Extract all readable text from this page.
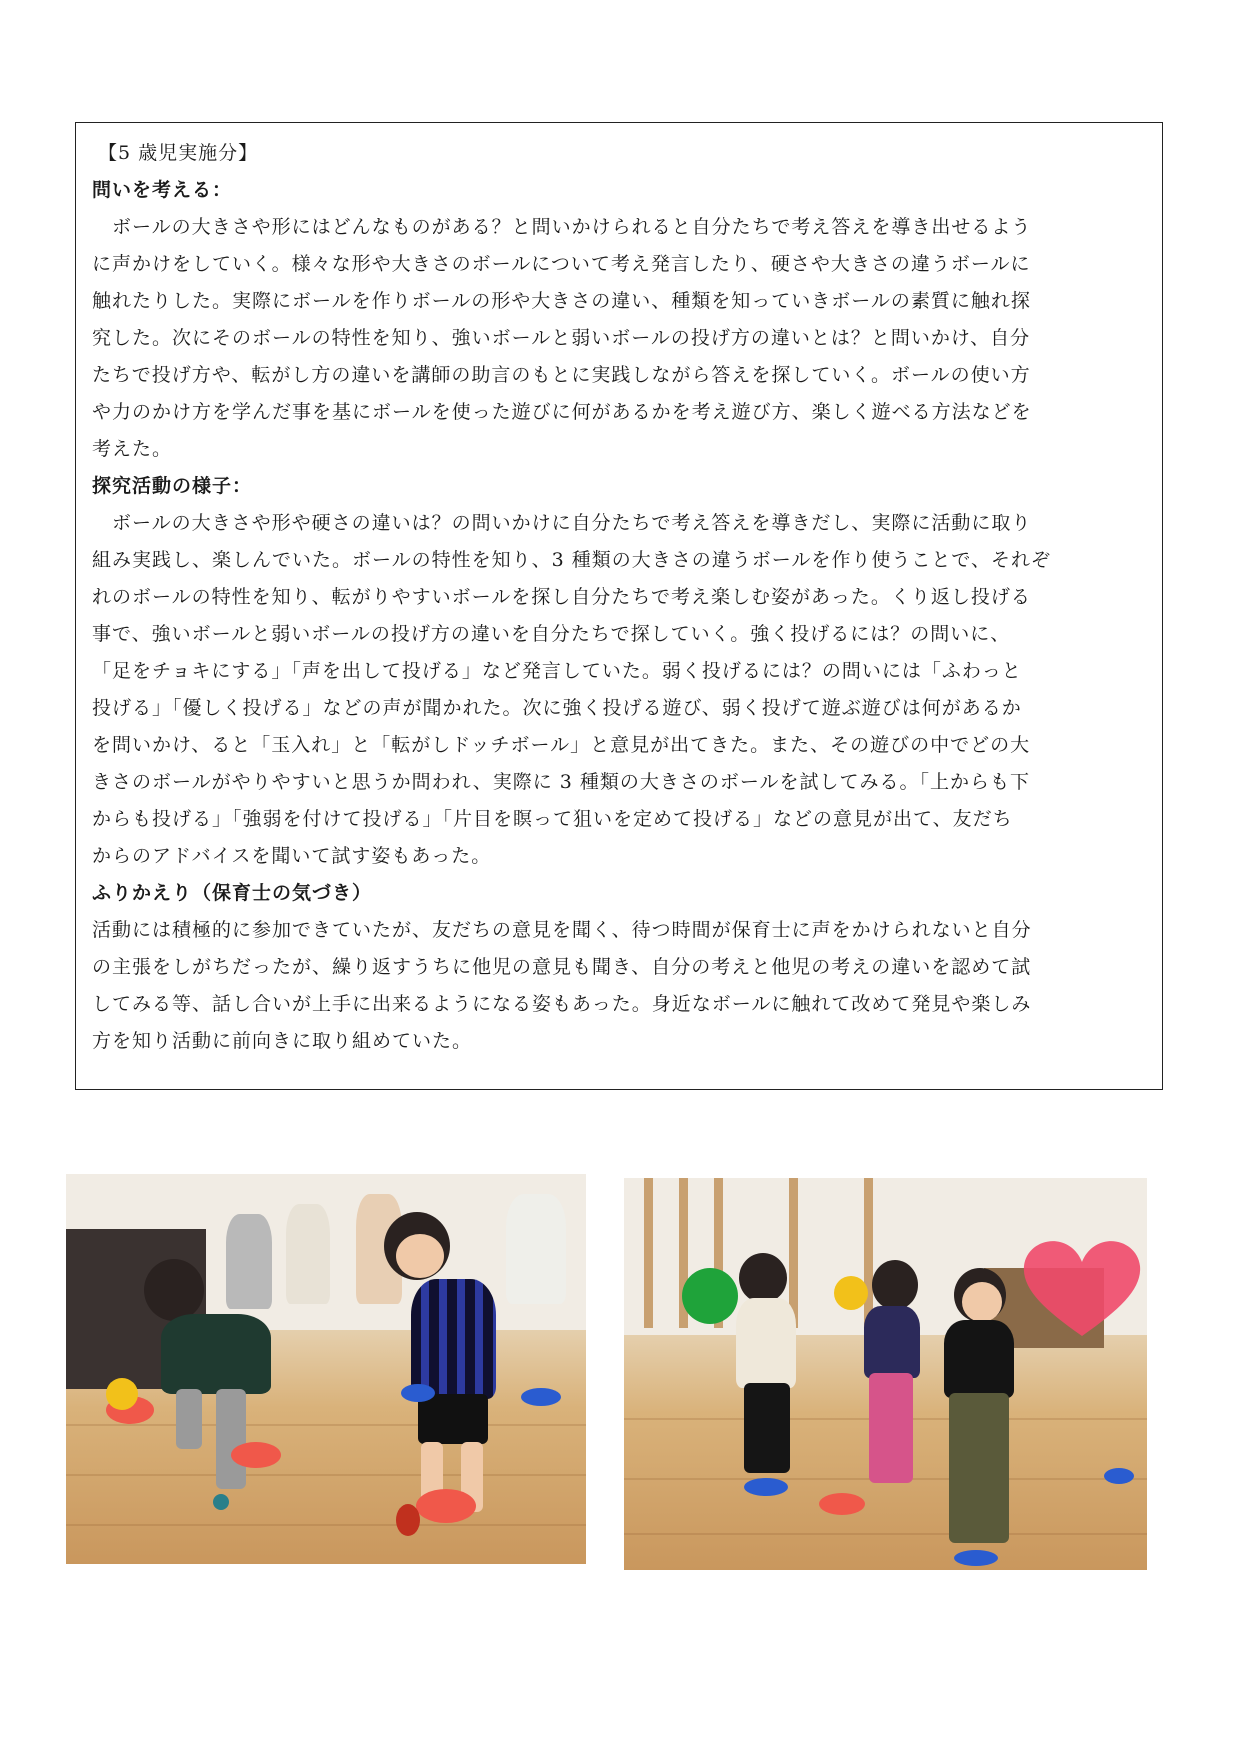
【5 歳児実施分】
問いを考える：
　ボールの大きさや形にはどんなものがある？と問いかけられると自分たちで考え答えを導き出せるよう
に声かけをしていく。様々な形や大きさのボールについて考え発言したり、硬さや大きさの違うボールに
触れたりした。実際にボールを作りボールの形や大きさの違い、種類を知っていきボールの素質に触れ探
究した。次にそのボールの特性を知り、強いボールと弱いボールの投げ方の違いとは？と問いかけ、自分
たちで投げ方や、転がし方の違いを講師の助言のもとに実践しながら答えを探していく。ボールの使い方
や力のかけ方を学んだ事を基にボールを使った遊びに何があるかを考え遊び方、楽しく遊べる方法などを
考えた。
探究活動の様子：
　ボールの大きさや形や硬さの違いは？の問いかけに自分たちで考え答えを導きだし、実際に活動に取り
組み実践し、楽しんでいた。ボールの特性を知り、3 種類の大きさの違うボールを作り使うことで、それぞ
れのボールの特性を知り、転がりやすいボールを探し自分たちで考え楽しむ姿があった。くり返し投げる
事で、強いボールと弱いボールの投げ方の違いを自分たちで探していく。強く投げるには？の問いに、
「足をチョキにする」「声を出して投げる」など発言していた。弱く投げるには？の問いには「ふわっと
投げる」「優しく投げる」などの声が聞かれた。次に強く投げる遊び、弱く投げて遊ぶ遊びは何があるか
を問いかけ、ると「玉入れ」と「転がしドッチボール」と意見が出てきた。また、その遊びの中でどの大
きさのボールがやりやすいと思うか問われ、実際に 3 種類の大きさのボールを試してみる。「上からも下
からも投げる」「強弱を付けて投げる」「片目を瞑って狙いを定めて投げる」などの意見が出て、友だち
からのアドバイスを聞いて試す姿もあった。
ふりかえり（保育士の気づき）
活動には積極的に参加できていたが、友だちの意見を聞く、待つ時間が保育士に声をかけられないと自分
の主張をしがちだったが、繰り返すうちに他児の意見も聞き、自分の考えと他児の考えの違いを認めて試
してみる等、話し合いが上手に出来るようになる姿もあった。身近なボールに触れて改めて発見や楽しみ
方を知り活動に前向きに取り組めていた。
